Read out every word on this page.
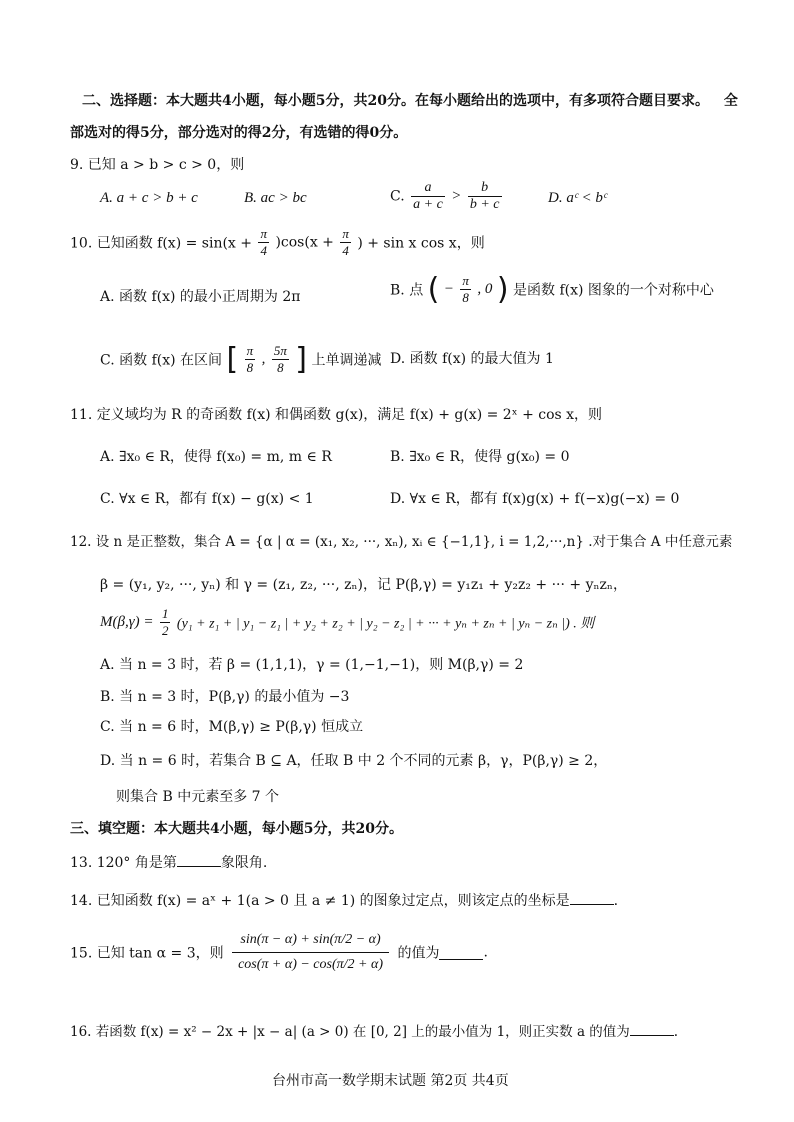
二、选择题：本大题共4小题，每小题5分，共20分。在每小题给出的选项中，有多项符合题目要求。 全
部选对的得5分，部分选对的得2分，有选错的得0分。
9. 已知 a > b > c > 0，则
A. a + c > b + c	B. ac > bc	C. $\frac{a}{a + c} > \frac{b}{b + c}$	D. aᶜ < bᶜ
10. 已知函数 $f(x) = \sin(x + \frac{\pi}{4} )\cos(x + \frac{\pi}{4}$ ) + sin x cos x，则
A. 函数 f(x) 的最小正周期为 2π	B. 点 ( − $\frac{\pi}{8}$ , 0 ) 是函数 f(x) 图象的一个对称中心
C. 函数 f(x) 在区间 [ $\frac{\pi}{8}$ , $\frac{5\pi}{8}$ ] 上单调递减 D. 函数 f(x) 的最大值为 1
11. 定义域均为 R 的奇函数 f(x) 和偶函数 g(x)，满足 f(x) + g(x) = 2ˣ + cos x，则
A. ∃x₀ ∈ R，使得 f(x₀) = m, m ∈ R	B. ∃x₀ ∈ R，使得 g(x₀) = 0
C. ∀x ∈ R，都有 f(x) − g(x) < 1	D. ∀x ∈ R，都有 f(x)g(x) + f(−x)g(−x) = 0
12. 设 n 是正整数，集合 A = {α | α = (x₁, x₂, ···, xₙ), xᵢ ∈ {−1,1}, i = 1,2,···,n} .对于集合 A 中任意元素
β = (y₁, y₂, ···, yₙ) 和 γ = (z₁, z₂, ···, zₙ)，记 P(β,γ) = y₁z₁ + y₂z₂ + ··· + yₙzₙ，
$M(\beta,\gamma) = \frac{1}{2} (y_1 + z_1$ + | y₁ − z₁ | + y₂ + z₂ + | y₂ − z₂ | + ··· + yₙ + zₙ + | yₙ − zₙ |) . 则
A. 当 n = 3 时，若 β = (1,1,1)，γ = (1,−1,−1)，则 M(β,γ) = 2
B. 当 n = 3 时，P(β,γ) 的最小值为 −3
C. 当 n = 6 时，M(β,γ) ≥ P(β,γ) 恒成立
D. 当 n = 6 时，若集合 B ⊆ A，任取 B 中 2 个不同的元素 β，γ，P(β,γ) ≥ 2，
则集合 B 中元素至多 7 个
三、填空题：本大题共4小题，每小题5分，共20分。
13. 120° 角是第	象限角.
14. 已知函数 f(x) = aˣ + 1(a > 0 且 a ≠ 1) 的图象过定点，则该定点的坐标是	.
15. 已知 tan α = 3，则 $\frac{\sin(\pi - \alpha) + \sin(\pi/2 - \alpha)}{\cos(\pi + \alpha) - \cos(\pi/2 + \alpha)}$ 的值为	.
16. 若函数 f(x) = x² − 2x + |x − a| (a > 0) 在 [0, 2] 上的最小值为 1，则正实数 a 的值为	.
台州市高一数学期末试题 第2页 共4页
